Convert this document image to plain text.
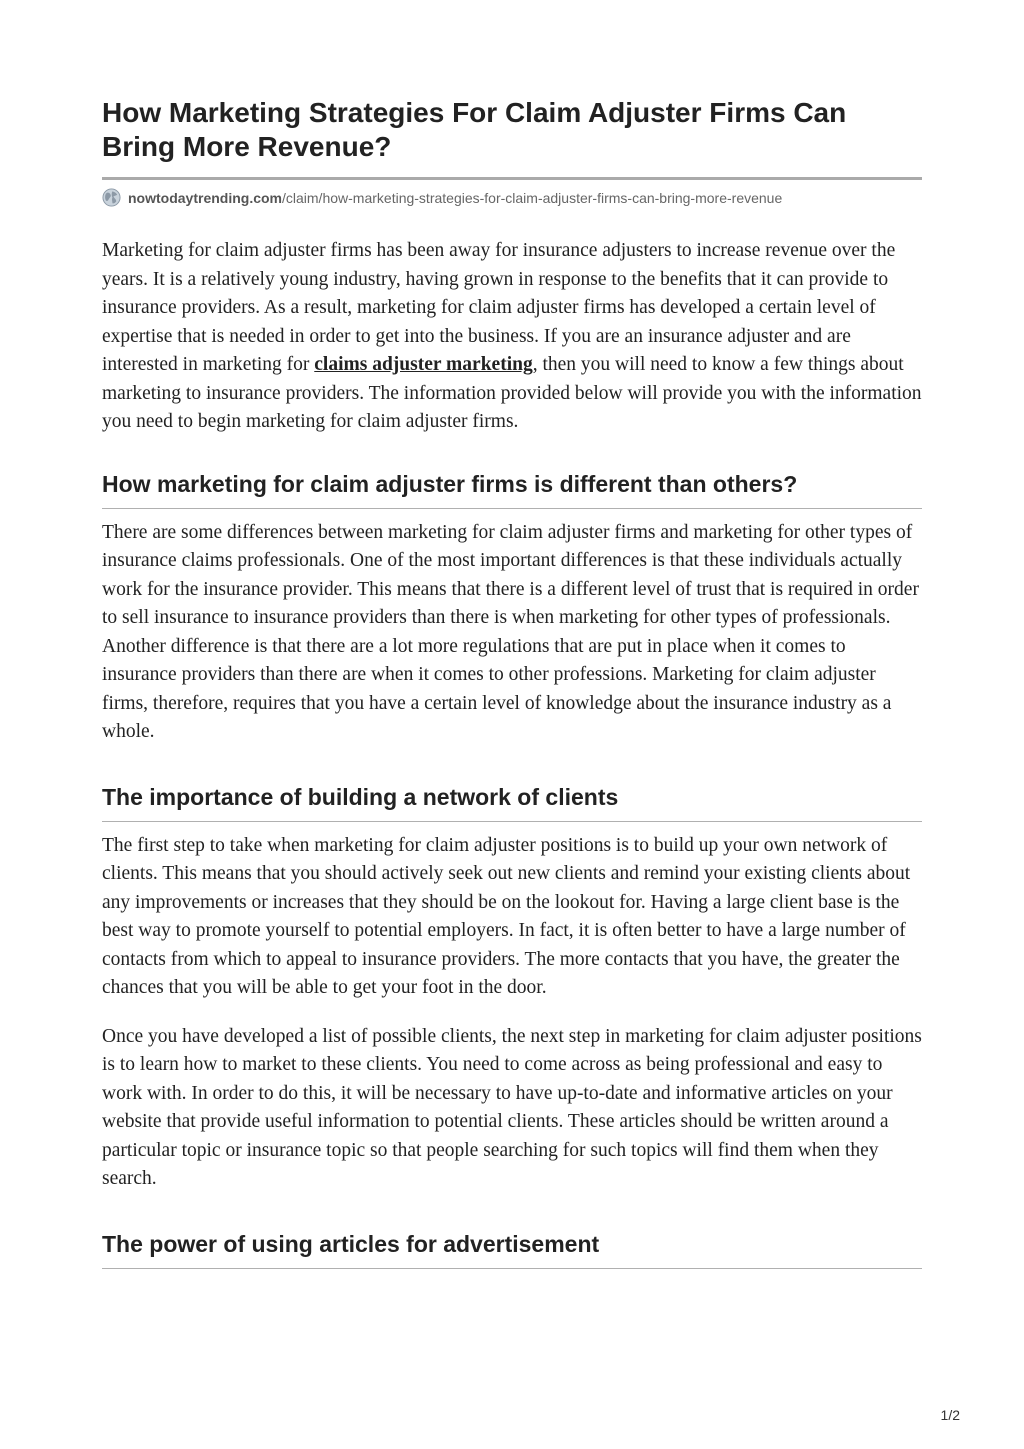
How Marketing Strategies For Claim Adjuster Firms Can Bring More Revenue?
nowtodaytrending.com /claim/how-marketing-strategies-for-claim-adjuster-firms-can-bring-more-revenue

Marketing for claim adjuster firms has been away for insurance adjusters to increase revenue over the years. It is a relatively young industry, having grown in response to the benefits that it can provide to insurance providers. As a result, marketing for claim adjuster firms has developed a certain level of expertise that is needed in order to get into the business. If you are an insurance adjuster and are interested in marketing for claims adjuster marketing, then you will need to know a few things about marketing to insurance providers. The information provided below will provide you with the information you need to begin marketing for claim adjuster firms.

How marketing for claim adjuster firms is different than others?

There are some differences between marketing for claim adjuster firms and marketing for other types of insurance claims professionals. One of the most important differences is that these individuals actually work for the insurance provider. This means that there is a different level of trust that is required in order to sell insurance to insurance providers than there is when marketing for other types of professionals. Another difference is that there are a lot more regulations that are put in place when it comes to insurance providers than there are when it comes to other professions. Marketing for claim adjuster firms, therefore, requires that you have a certain level of knowledge about the insurance industry as a whole.

The importance of building a network of clients

The first step to take when marketing for claim adjuster positions is to build up your own network of clients. This means that you should actively seek out new clients and remind your existing clients about any improvements or increases that they should be on the lookout for. Having a large client base is the best way to promote yourself to potential employers. In fact, it is often better to have a large number of contacts from which to appeal to insurance providers. The more contacts that you have, the greater the chances that you will be able to get your foot in the door.

Once you have developed a list of possible clients, the next step in marketing for claim adjuster positions is to learn how to market to these clients. You need to come across as being professional and easy to work with. In order to do this, it will be necessary to have up-to-date and informative articles on your website that provide useful information to potential clients. These articles should be written around a particular topic or insurance topic so that people searching for such topics will find them when they search.

The power of using articles for advertisement
1/2
